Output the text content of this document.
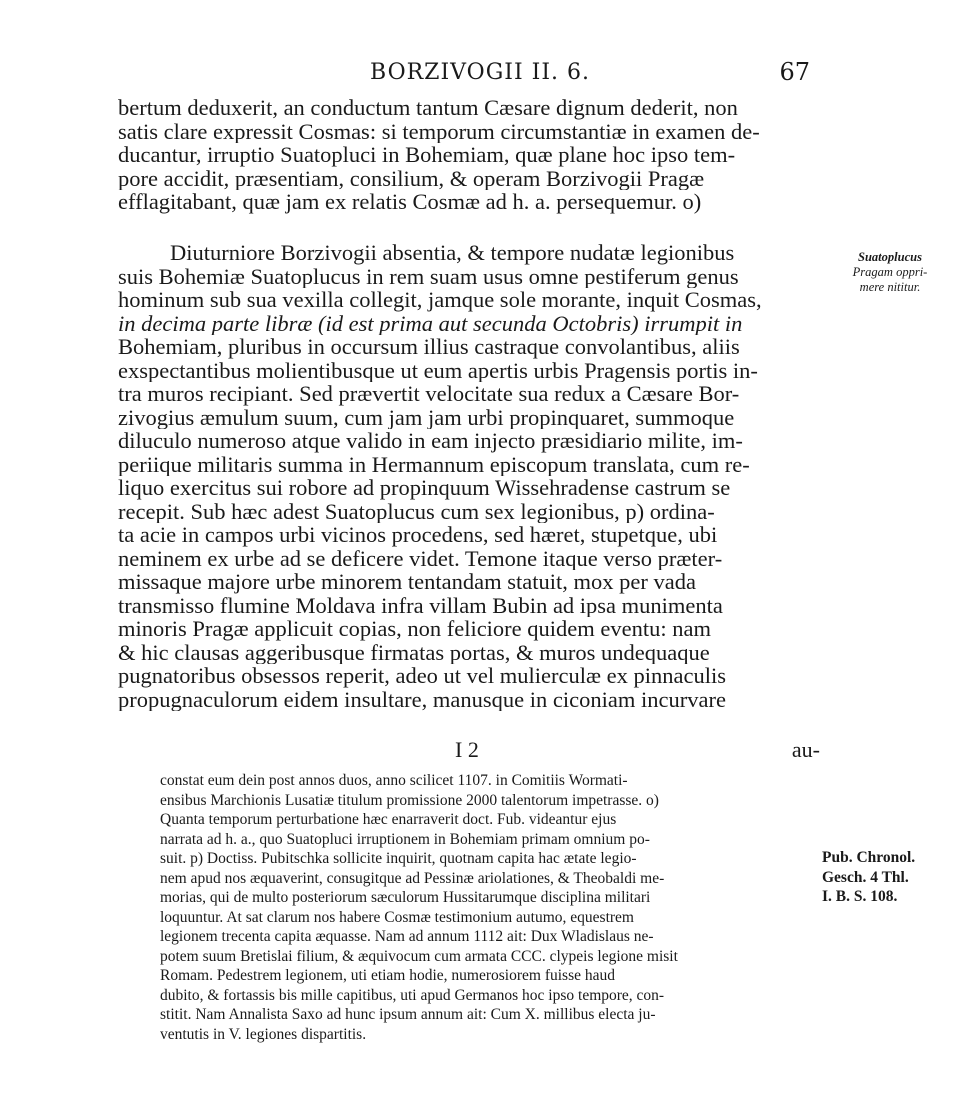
BORZIVOGII II. 6.	67
bertum deduxerit, an conductum tantum Cæsare dignum dederit, non
satis clare expressit Cosmas: si temporum circumstantiæ in examen de-
ducantur, irruptio Suatopluci in Bohemiam, quæ plane hoc ipso tem-
pore accidit, præsentiam, consilium, & operam Borzivogii Pragæ
efflagitabant, quæ jam ex relatis Cosmæ ad h. a. persequemur. o)
Diuturniore Borzivogii absentia, & tempore nudatæ legionibus
suis Bohemiæ Suatoplucus in rem suam usus omne pestiferum genus
hominum sub sua vexilla collegit, jamque sole morante, inquit Cosmas,
in decima parte libræ (id est prima aut secunda Octobris) irrumpit in
Bohemiam, pluribus in occursum illius castraque convolantibus, aliis
exspectantibus molientibusque ut eum apertis urbis Pragensis portis in-
tra muros recipiant. Sed prævertit velocitate sua redux a Cæsare Bor-
zivogius æmulum suum, cum jam jam urbi propinquaret, summoque
diluculo numeroso atque valido in eam injecto præsidiario milite, im-
periique militaris summa in Hermannum episcopum translata, cum re-
liquo exercitus sui robore ad propinquum Wissehradense castrum se
recepit. Sub hæc adest Suatoplucus cum sex legionibus, p) ordina-
ta acie in campos urbi vicinos procedens, sed hæret, stupetque, ubi
neminem ex urbe ad se deficere videt. Temone itaque verso præter-
missaque majore urbe minorem tentandam statuit, mox per vada
transmisso flumine Moldava infra villam Bubin ad ipsa munimenta
minoris Pragæ applicuit copias, non feliciore quidem eventu: nam
& hic clausas aggeribusque firmatas portas, & muros undequaque
pugnatoribus obsessos reperit, adeo ut vel mulierculæ ex pinnaculis
propugnaculorum eidem insultare, manusque in ciconiam incurvare
I 2	au-
constat eum dein post annos duos, anno scilicet 1107. in Comitiis Wormati-
ensibus Marchionis Lusatiæ titulum promissione 2000 talentorum impetrasse. o)
Quanta temporum perturbatione hæc enarraverit doct. Fub. videantur ejus
narrata ad h. a., quo Suatopluci irruptionem in Bohemiam primam omnium po-
suit. p) Doctiss. Pubitschka sollicite inquirit, quotnam capita hac ætate legio-
nem apud nos æquaverint, consugitque ad Pessinæ ariolationes, & Theobaldi me-
morias, qui de multo posteriorum sæculorum Hussitarumque disciplina militari
loquuntur. At sat clarum nos habere Cosmæ testimonium autumo, equestrem
legionem trecenta capita æquasse. Nam ad annum 1112 ait: Dux Wladislaus ne-
potem suum Bretislai filium, & æquivocum cum armata CCC. clypeis legione misit
Romam. Pedestrem legionem, uti etiam hodie, numerosiorem fuisse haud
dubito, & fortassis bis mille capitibus, uti apud Germanos hoc ipso tempore, con-
stitit. Nam Annalista Saxo ad hunc ipsum annum ait: Cum X. millibus electa ju-
ventutis in V. legiones dispartitis.
Suatoplucus
Pragam oppri-
mere nititur.
Pub. Chronol.
Gesch. 4 Thl.
I. B. S. 108.
